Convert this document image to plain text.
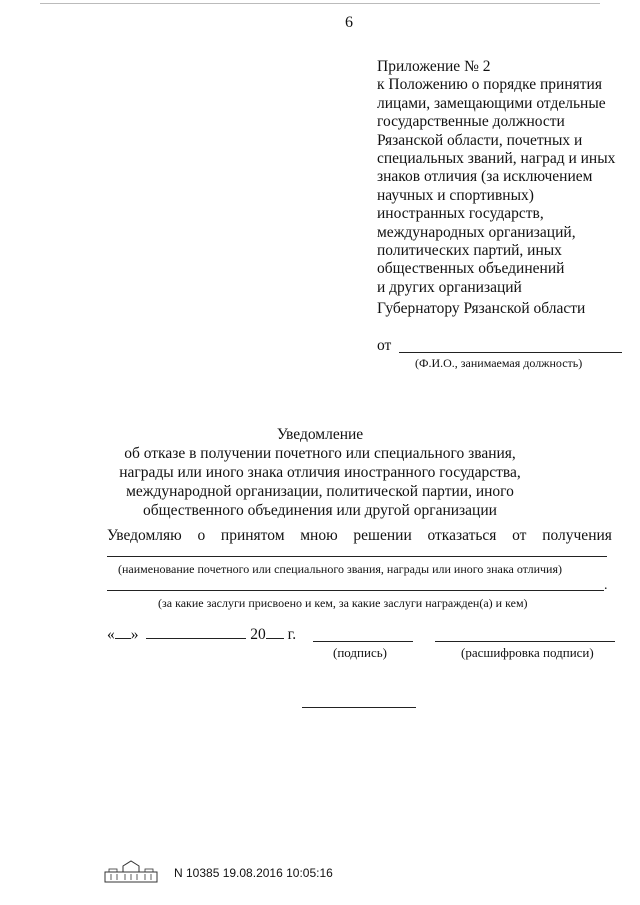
6
Приложение № 2
к Положению о порядке принятия
лицами, замещающими отдельные
государственные должности
Рязанской области, почетных и
специальных званий, наград и иных
знаков отличия (за исключением
научных и спортивных)
иностранных государств,
международных организаций,
политических партий, иных
общественных объединений
и других организаций
Губернатору Рязанской области
от
(Ф.И.О., занимаемая должность)
Уведомление
об отказе в получении почетного или специального звания,
награды или иного знака отличия иностранного государства,
международной организации, политической партии, иного
общественного объединения или другой организации
Уведомляю о принятом мною решении отказаться от получения
(наименование почетного или специального звания, награды или иного знака отличия)
.
(за какие заслуги присвоено и кем, за какие заслуги награжден(а) и кем)
« »	20 г.
(подпись)	(расшифровка подписи)
N 10385 19.08.2016 10:05:16
